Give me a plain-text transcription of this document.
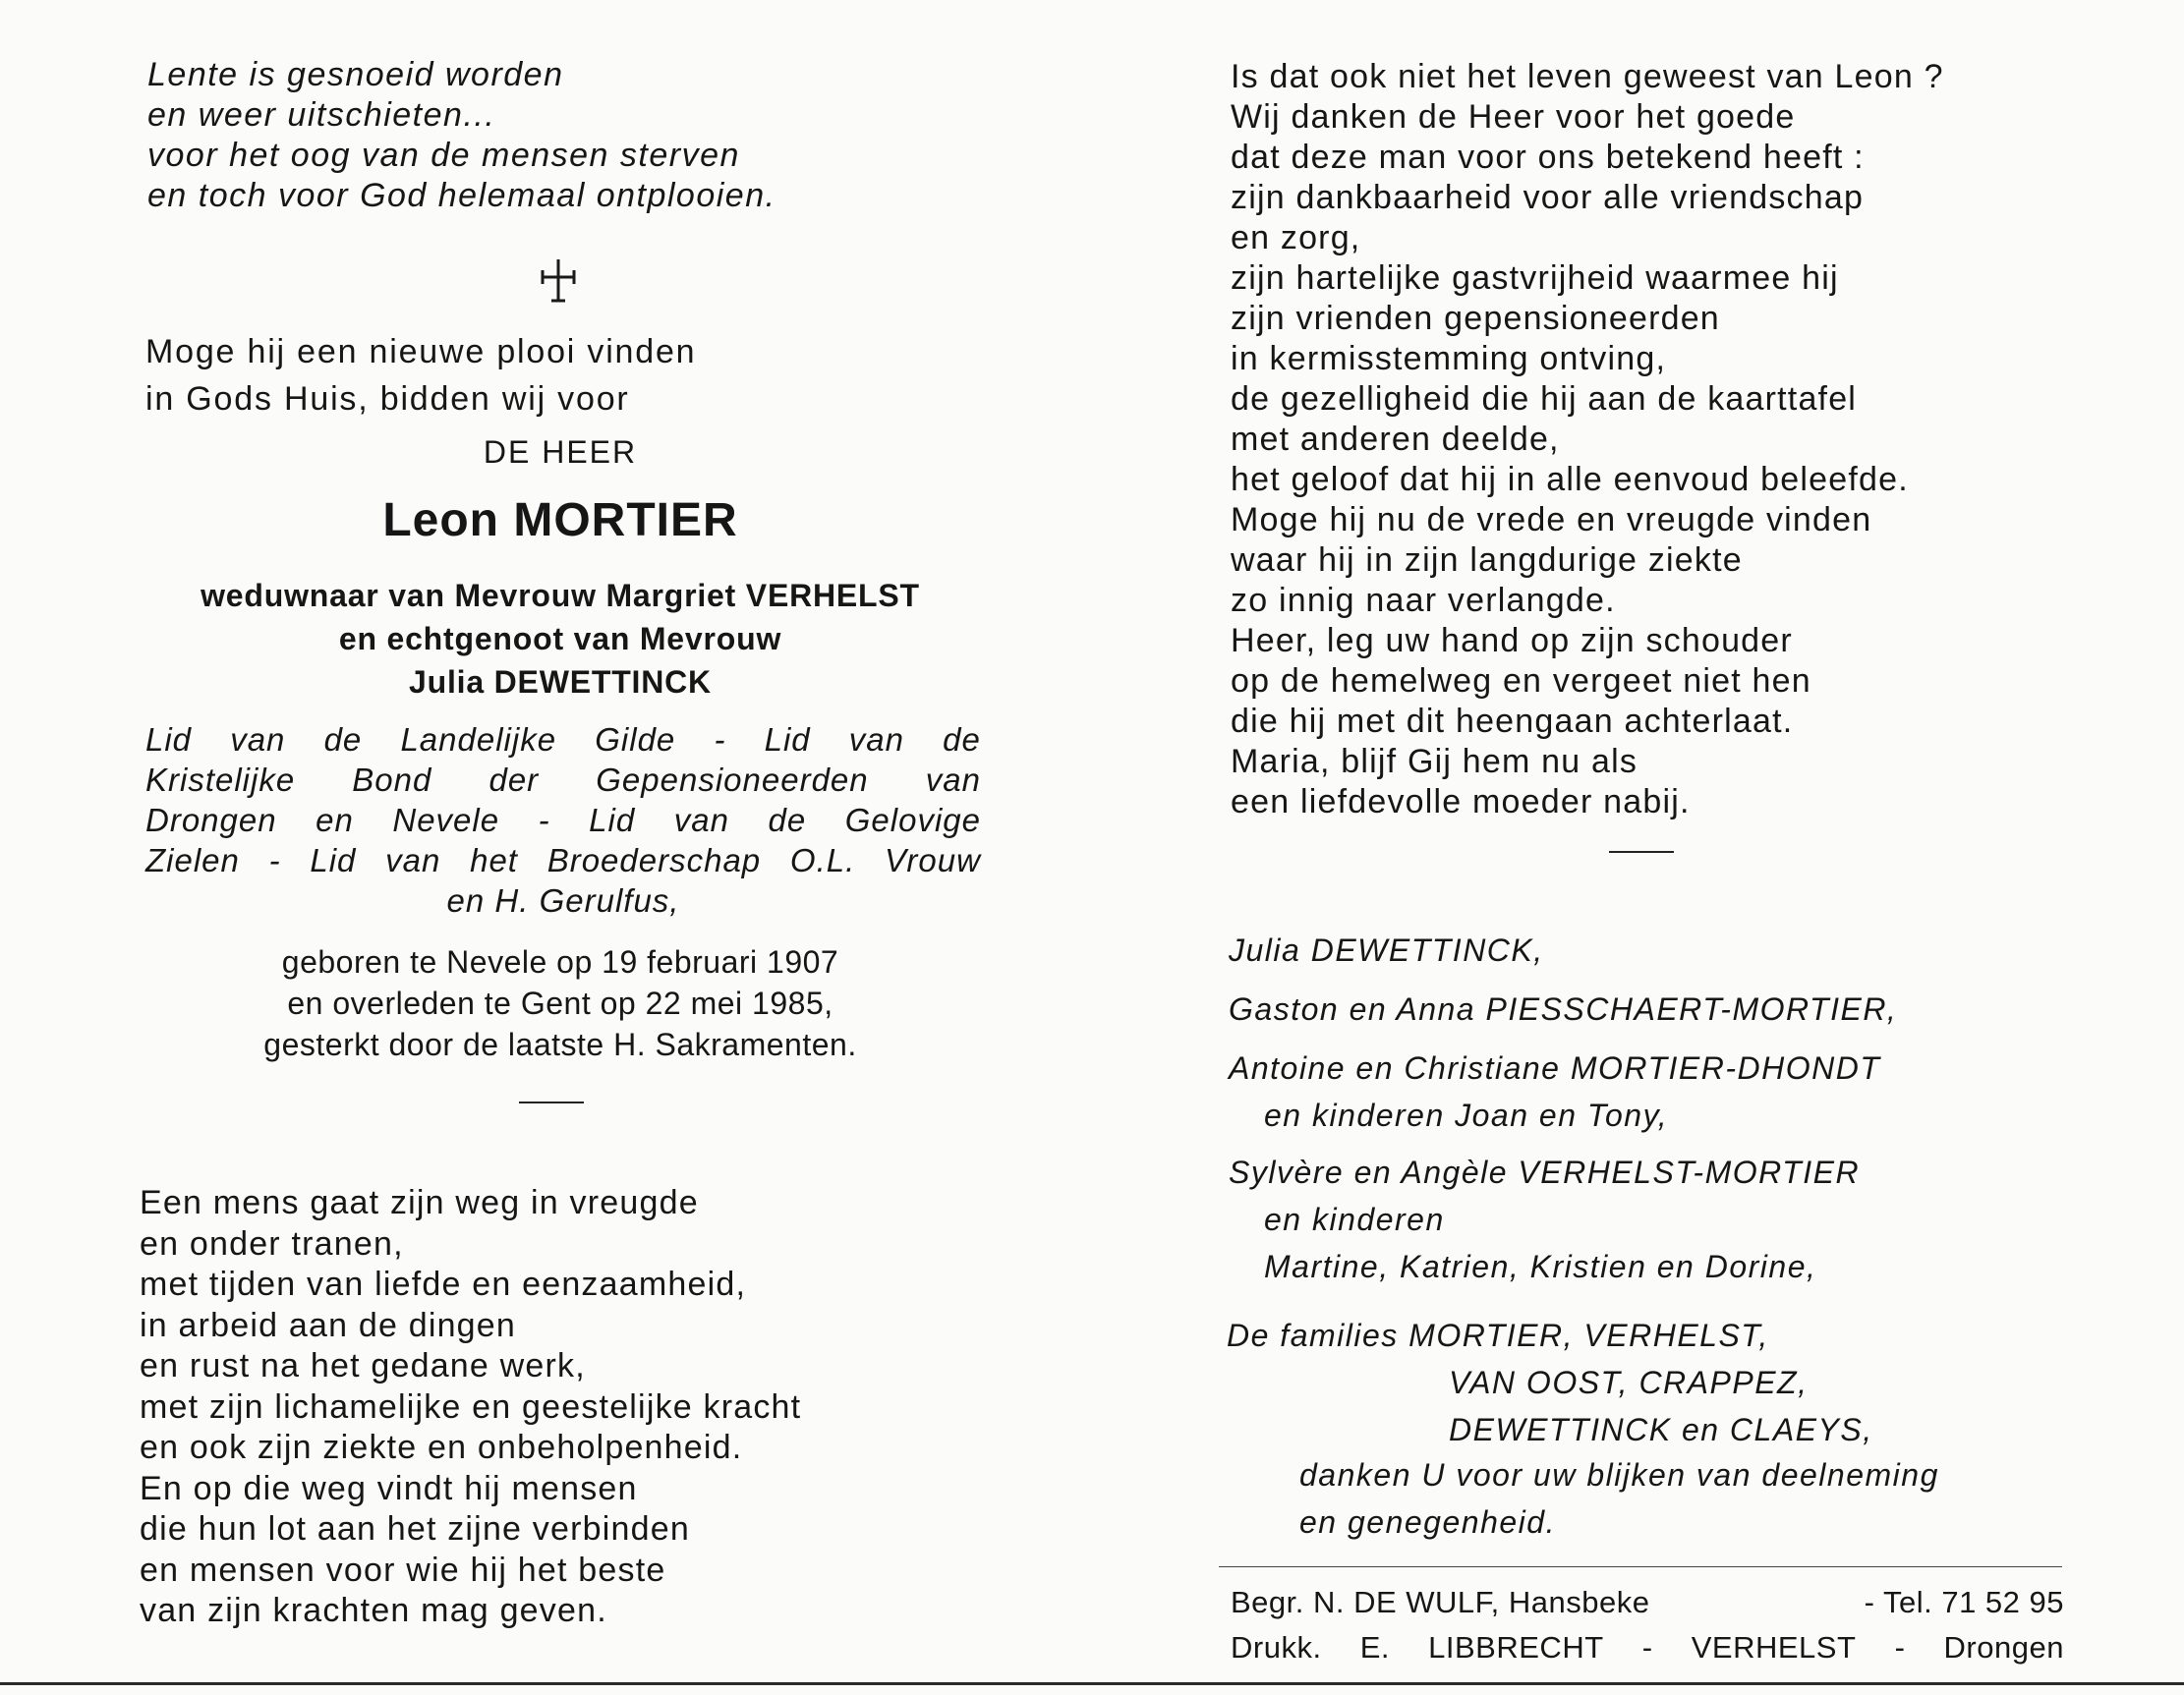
Lente is gesnoeid worden
en weer uitschieten...
voor het oog van de mensen sterven
en toch voor God helemaal ontplooien.
Moge hij een nieuwe plooi vinden
in Gods Huis, bidden wij voor
DE HEER
Leon MORTIER
weduwnaar van Mevrouw Margriet VERHELST
en echtgenoot van Mevrouw
Julia DEWETTINCK
Lid van de Landelijke Gilde - Lid van de
Kristelijke Bond der Gepensioneerden van
Drongen en Nevele - Lid van de Gelovige
Zielen - Lid van het Broederschap O.L. Vrouw
en H. Gerulfus,
geboren te Nevele op 19 februari 1907
en overleden te Gent op 22 mei 1985,
gesterkt door de laatste H. Sakramenten.
Een mens gaat zijn weg in vreugde
en onder tranen,
met tijden van liefde en eenzaamheid,
in arbeid aan de dingen
en rust na het gedane werk,
met zijn lichamelijke en geestelijke kracht
en ook zijn ziekte en onbeholpenheid.
En op die weg vindt hij mensen
die hun lot aan het zijne verbinden
en mensen voor wie hij het beste
van zijn krachten mag geven.
Is dat ook niet het leven geweest van Leon ?
Wij danken de Heer voor het goede
dat deze man voor ons betekend heeft :
zijn dankbaarheid voor alle vriendschap
en zorg,
zijn hartelijke gastvrijheid waarmee hij
zijn vrienden gepensioneerden
in kermisstemming ontving,
de gezelligheid die hij aan de kaarttafel
met anderen deelde,
het geloof dat hij in alle eenvoud beleefde.
Moge hij nu de vrede en vreugde vinden
waar hij in zijn langdurige ziekte
zo innig naar verlangde.
Heer, leg uw hand op zijn schouder
op de hemelweg en vergeet niet hen
die hij met dit heengaan achterlaat.
Maria, blijf Gij hem nu als
een liefdevolle moeder nabij.
Julia DEWETTINCK,
Gaston en Anna PIESSCHAERT-MORTIER,
Antoine en Christiane MORTIER-DHONDT
en kinderen Joan en Tony,
Sylvère en Angèle VERHELST-MORTIER
en kinderen
Martine, Katrien, Kristien en Dorine,
De families MORTIER, VERHELST,
VAN OOST, CRAPPEZ,
DEWETTINCK en CLAEYS,
danken U voor uw blijken van deelneming
en genegenheid.
Begr. N. DE WULF, Hansbeke	- Tel. 71 52 95
Drukk. E. LIBBRECHT - VERHELST - Drongen
